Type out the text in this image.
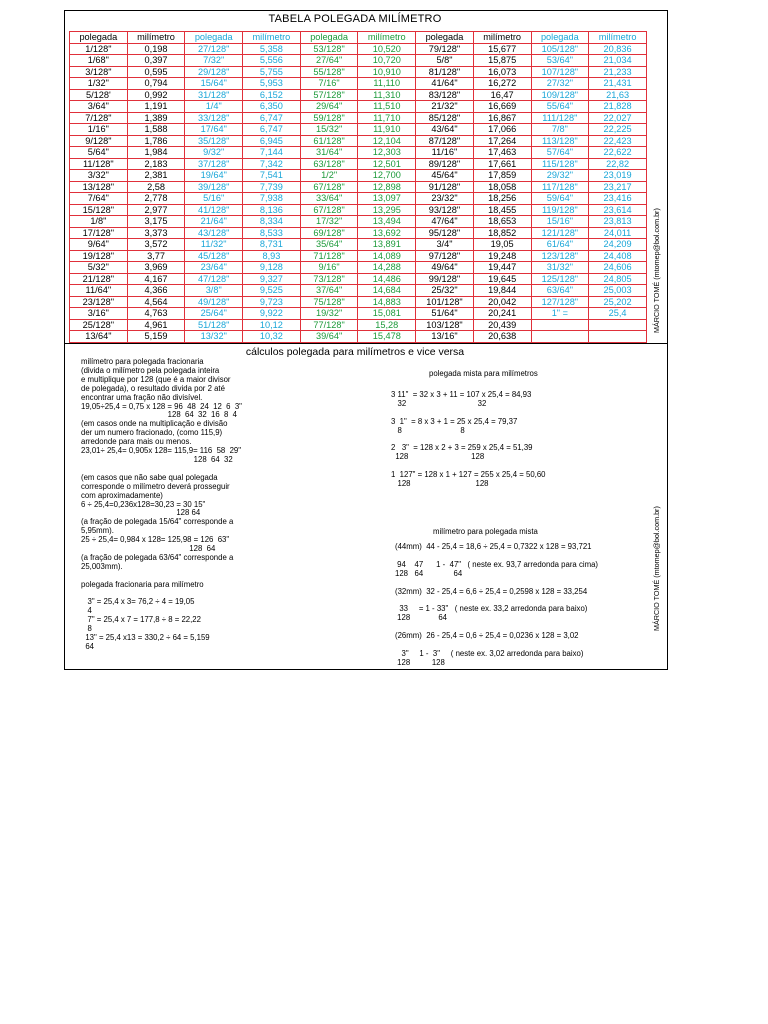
TABELA POLEGADA MILÍMETRO
polegada	milímetro	polegada	milímetro	polegada	milímetro	polegada	milímetro	polegada	milímetro
1/128"	0,198	27/128"	5,358	53/128"	10,520	79/128"	15,677	105/128"	20,836
1/68"	0,397	7/32"	5,556	27/64"	10,720	5/8"	15,875	53/64"	21,034
3/128"	0,595	29/128"	5,755	55/128"	10,910	81/128"	16,073	107/128"	21,233
1/32"	0,794	15/64"	5,953	7/16"	11,110	41/64"	16,272	27/32"	21,431
5/128'	0,992	31/128"	6,152	57/128"	11,310	83/128"	16,47	109/128"	21,63
3/64"	1,191	1/4"	6,350	29/64"	11,510	21/32"	16,669	55/64"	21,828
7/128"	1,389	33/128"	6,747	59/128"	11,710	85/128"	16,867	111/128"	22,027
1/16"	1,588	17/64"	6,747	15/32"	11,910	43/64"	17,066	7/8"	22,225
9/128"	1,786	35/128"	6,945	61/128"	12,104	87/128"	17,264	113/128"	22,423
5/64"	1,984	9/32"	7,144	31/64"	12,303	11/16"	17,463	57/64"	22,622
11/128"	2,183	37/128"	7,342	63/128"	12,501	89/128"	17,661	115/128"	22,82
3/32"	2,381	19/64"	7,541	1/2"	12,700	45/64"	17,859	29/32"	23,019
13/128"	2,58	39/128"	7,739	67/128"	12,898	91/128"	18,058	117/128"	23,217
7/64"	2,778	5/16"	7,938	33/64"	13,097	23/32"	18,256	59/64"	23,416
15/128"	2,977	41/128"	8,136	67/128"	13,295	93/128"	18,455	119/128"	23,614
1/8"	3,175	21/64"	8,334	17/32"	13,494	47/64"	18,653	15/16"	23,813
17/128"	3,373	43/128"	8,533	69/128"	13,692	95/128"	18,852	121/128"	24,011
9/64"	3,572	11/32"	8,731	35/64"	13,891	3/4"	19,05	61/64"	24,209
19/128"	3,77	45/128"	8,93	71/128"	14,089	97/128"	19,248	123/128"	24,408
5/32"	3,969	23/64"	9,128	9/16"	14,288	49/64"	19,447	31/32"	24,606
21/128"	4,167	47/128"	9,327	73/128"	14,486	99/128"	19,645	125/128"	24,805
11/64"	4,366	3/8"	9,525	37/64"	14,684	25/32"	19,844	63/64"	25,003
23/128"	4,564	49/128"	9,723	75/128"	14,883	101/128"	20,042	127/128"	25,202
3/16"	4,763	25/64"	9,922	19/32"	15,081	51/64"	20,241	1" =	25,4
25/128"	4,961	51/128"	10,12	77/128"	15,28	103/128"	20,439		
13/64"	5,159	13/32"	10,32	39/64"	15,478	13/16"	20,638		
MÁRCIO TOMÉ (mtomep@bol.com.br)
cálculos polegada para milímetros e vice versa
milímetro para polegada fracionaria
(divida o milímetro pela polegada inteira
e multiplique por 128 (que é a maior divisor
de polegada), o resultado divida por 2 até
encontrar uma fração não divisível.
19,05÷25,4 = 0,75 x 128 = 96  48  24  12  6  3"
128  64  32  16  8  4
(em casos onde na multiplicação e divisão
der um numero fracionado, (como 115,9)
arredonde para mais ou menos.
23,01÷ 25,4= 0,905x 128= 115,9= 116  58  29"
128  64  32

(em casos que não sabe qual polegada
corresponde o milímetro deverá prosseguir
com aproximadamente)
6 ÷ 25,4=0,236x128=30,23 = 30 15"
128 64
(a fração de polegada 15/64" corresponde a
5,95mm).
25 ÷ 25,4= 0,984 x 128= 125,98 = 126  63"
128  64
(a fração de polegada 63/64" corresponde a
25,003mm).

polegada fracionaria para milímetro

3" = 25,4 x 3= 76,2 ÷ 4 = 19,05
4
7" = 25,4 x 7 = 177,8 ÷ 8 = 22,22
8
13" = 25,4 x13 = 330,2 ÷ 64 = 5,159
64
polegada mista para milímetros
3 11"  = 32 x 3 + 11 = 107 x 25,4 = 84,93
32                                 32

3  1"  = 8 x 3 + 1 = 25 x 25,4 = 79,37
8                           8

2   3"  = 128 x 2 + 3 = 259 x 25,4 = 51,39
128                             128

1  127" = 128 x 1 + 127 = 255 x 25,4 = 50,60
128                              128
milímetro para polegada mista
(44mm)  44 - 25,4 = 18,6 ÷ 25,4 = 0,7322 x 128 = 93,721

94    47      1 -  47"   ( neste ex. 93,7 arredonda para cima)
128   64              64

(32mm)  32 - 25,4 = 6,6 ÷ 25,4 = 0,2598 x 128 = 33,254

33     = 1 - 33"   ( neste ex. 33,2 arredonda para baixo)
128             64

(26mm)  26 - 25,4 = 0,6 ÷ 25,4 = 0,0236 x 128 = 3,02

3"     1 -  3"     ( neste ex. 3,02 arredonda para baixo)
128          128
MÁRCIO TOMÉ (mtomep@bol.com.br)
